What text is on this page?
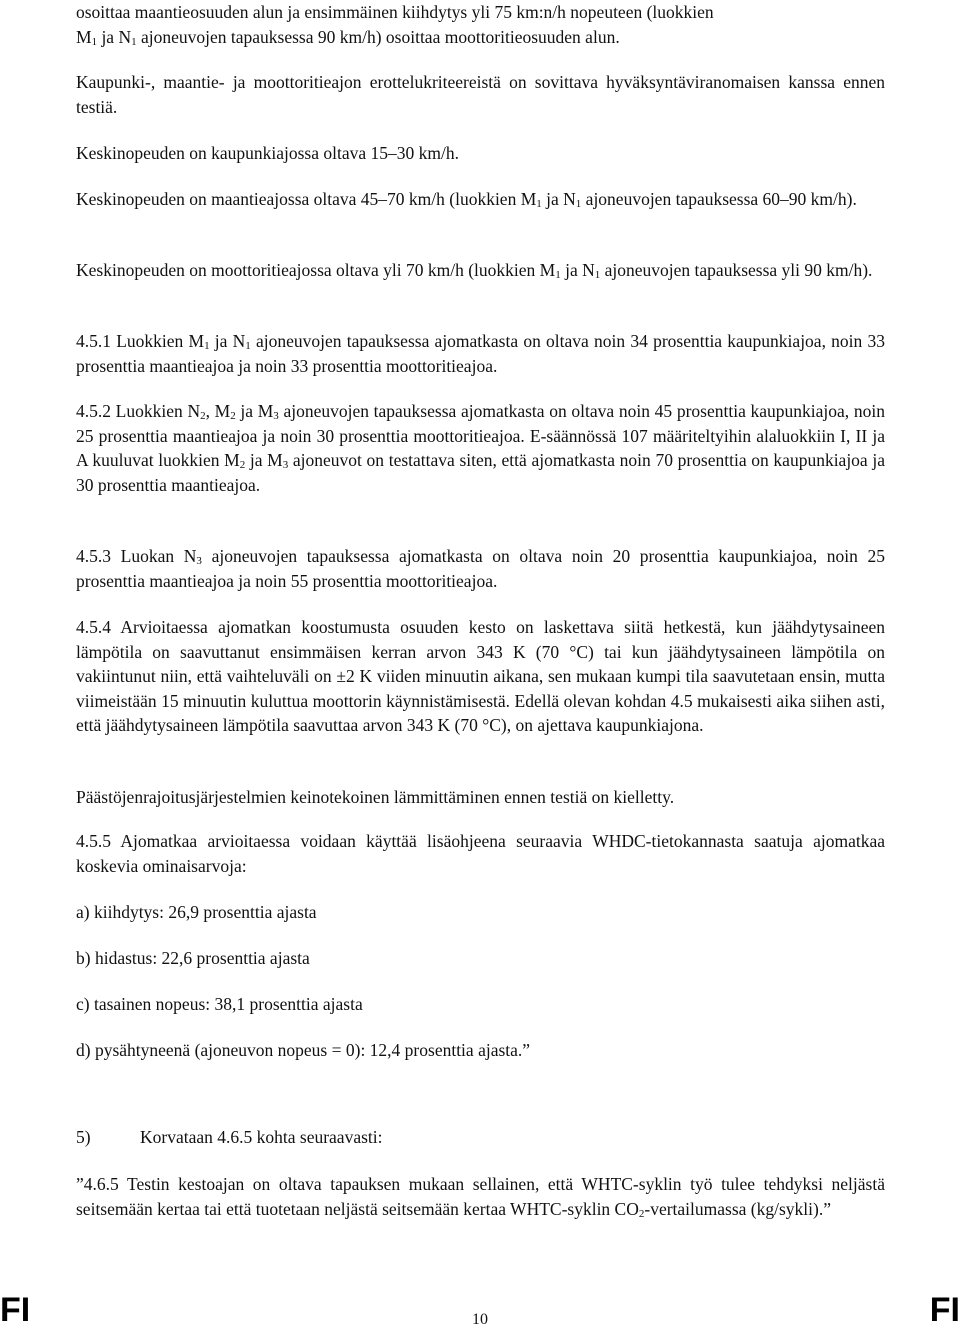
osoittaa maantieosuuden alun ja ensimmäinen kiihdytys yli 75 km:n/h nopeuteen (luokkien
$M_1$ ja $N_1$ ajoneuvojen tapauksessa 90 km/h) osoittaa moottoritieosuuden alun.

Kaupunki-, maantie- ja moottoritieajon erottelukriteereistä on sovittava hyväksyntäviranomaisen kanssa ennen testiä.

Keskinopeuden on kaupunkiajossa oltava 15–30 km/h.

Keskinopeuden on maantieajossa oltava 45–70 km/h (luokkien $M_1$ ja $N_1$ ajoneuvojen tapauksessa 60–90 km/h).

Keskinopeuden on moottoritieajossa oltava yli 70 km/h (luokkien $M_1$ ja $N_1$ ajoneuvojen tapauksessa yli 90 km/h).

4.5.1 Luokkien $M_1$ ja $N_1$ ajoneuvojen tapauksessa ajomatkasta on oltava noin 34 prosenttia kaupunkiajoa, noin 33 prosenttia maantieajoa ja noin 33 prosenttia moottoritieajoa.

4.5.2 Luokkien $N_2$, $M_2$ ja $M_3$ ajoneuvojen tapauksessa ajomatkasta on oltava noin 45 prosenttia kaupunkiajoa, noin 25 prosenttia maantieajoa ja noin 30 prosenttia moottoritieajoa. E-säännössä 107 määriteltyihin alaluokkiin I, II ja A kuuluvat luokkien $M_2$ ja $M_3$ ajoneuvot on testattava siten, että ajomatkasta noin 70 prosenttia on kaupunkiajoa ja 30 prosenttia maantieajoa.

4.5.3 Luokan $N_3$ ajoneuvojen tapauksessa ajomatkasta on oltava noin 20 prosenttia kaupunkiajoa, noin 25 prosenttia maantieajoa ja noin 55 prosenttia moottoritieajoa.

4.5.4 Arvioitaessa ajomatkan koostumusta osuuden kesto on laskettava siitä hetkestä, kun jäähdytysaineen lämpötila on saavuttanut ensimmäisen kerran arvon 343 K (70 °C) tai kun jäähdytysaineen lämpötila on vakiintunut niin, että vaihteluväli on ±2 K viiden minuutin aikana, sen mukaan kumpi tila saavutetaan ensin, mutta viimeistään 15 minuutin kuluttua moottorin käynnistämisestä. Edellä olevan kohdan 4.5 mukaisesti aika siihen asti, että jäähdytysaineen lämpötila saavuttaa arvon 343 K (70 °C), on ajettava kaupunkiajona.

Päästöjenrajoitusjärjestelmien keinotekoinen lämmittäminen ennen testiä on kielletty.

4.5.5 Ajomatkaa arvioitaessa voidaan käyttää lisäohjeena seuraavia WHDC-tietokannasta saatuja ajomatkaa koskevia ominaisarvoja:

a) kiihdytys: 26,9 prosenttia ajasta

b) hidastus: 22,6 prosenttia ajasta

c) tasainen nopeus: 38,1 prosenttia ajasta

d) pysähtyneenä (ajoneuvon nopeus = 0): 12,4 prosenttia ajasta.”

5)	Korvataan 4.6.5 kohta seuraavasti:

”4.6.5 Testin kestoajan on oltava tapauksen mukaan sellainen, että WHTC-syklin työ tulee tehdyksi neljästä seitsemään kertaa tai että tuotetaan neljästä seitsemään kertaa WHTC-syklin $CO_2$-vertailumassa (kg/sykli).”

FI	10	FI
